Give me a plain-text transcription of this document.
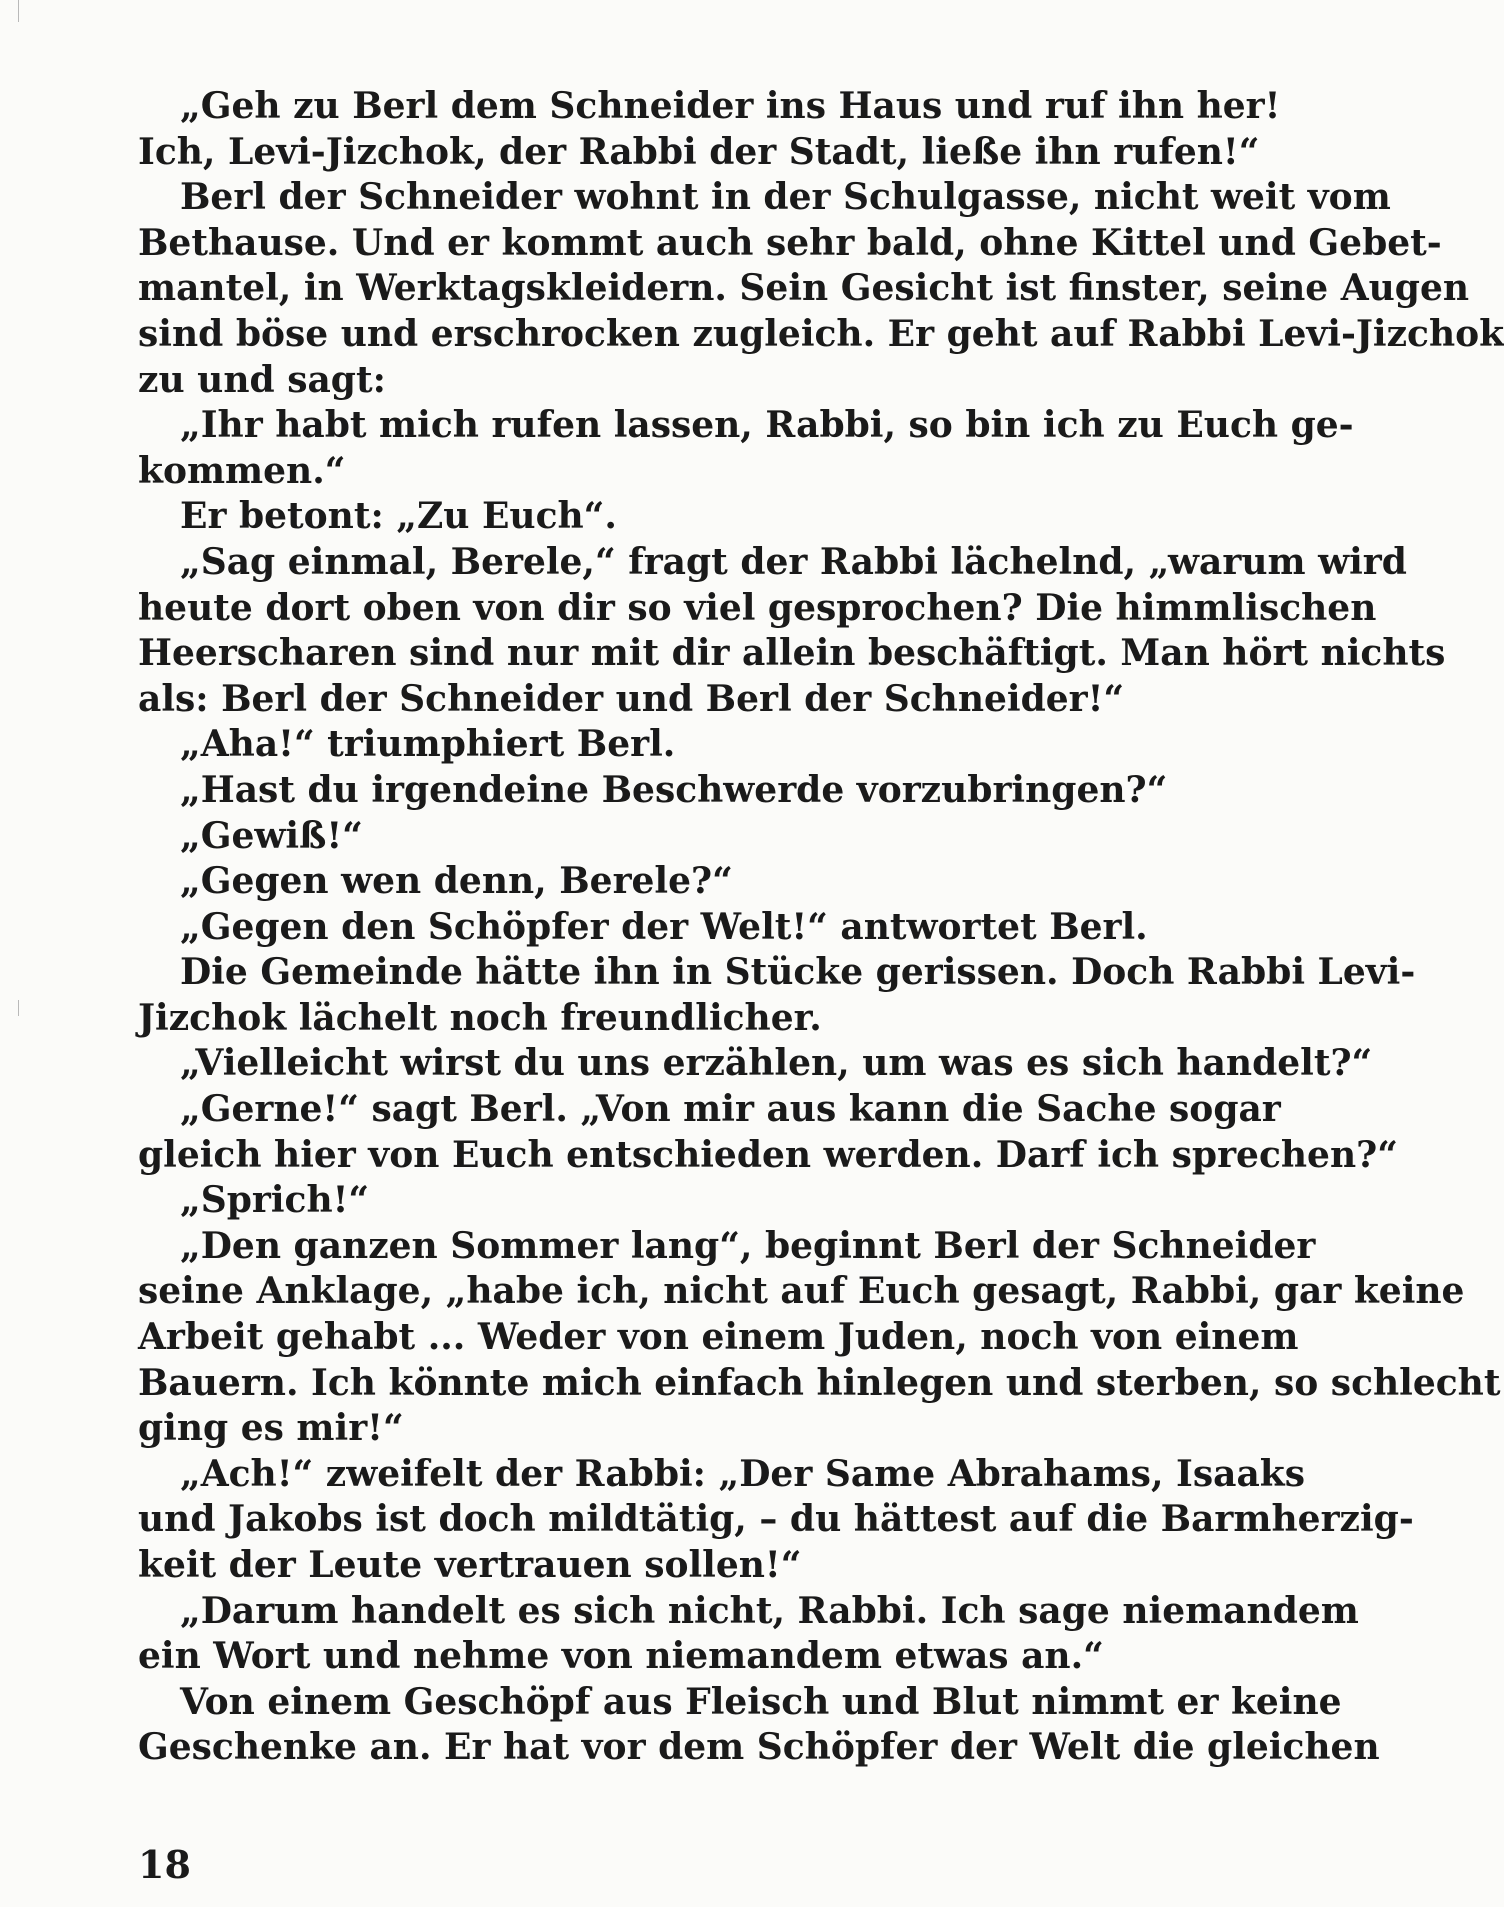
„Geh zu Berl dem Schneider ins Haus und ruf ihn her!
Ich, Levi-Jizchok, der Rabbi der Stadt, ließe ihn rufen!“
Berl der Schneider wohnt in der Schulgasse, nicht weit vom
Bethause. Und er kommt auch sehr bald, ohne Kittel und Gebet-
mantel, in Werktagskleidern. Sein Gesicht ist finster, seine Augen
sind böse und erschrocken zugleich. Er geht auf Rabbi Levi-Jizchok
zu und sagt:
„Ihr habt mich rufen lassen, Rabbi, so bin ich zu Euch ge-
kommen.“
Er betont: „Zu Euch“.
„Sag einmal, Berele,“ fragt der Rabbi lächelnd, „warum wird
heute dort oben von dir so viel gesprochen? Die himmlischen
Heerscharen sind nur mit dir allein beschäftigt. Man hört nichts
als: Berl der Schneider und Berl der Schneider!“
„Aha!“ triumphiert Berl.
„Hast du irgendeine Beschwerde vorzubringen?“
„Gewiß!“
„Gegen wen denn, Berele?“
„Gegen den Schöpfer der Welt!“ antwortet Berl.
Die Gemeinde hätte ihn in Stücke gerissen. Doch Rabbi Levi-
Jizchok lächelt noch freundlicher.
„Vielleicht wirst du uns erzählen, um was es sich handelt?“
„Gerne!“ sagt Berl. „Von mir aus kann die Sache sogar
gleich hier von Euch entschieden werden. Darf ich sprechen?“
„Sprich!“
„Den ganzen Sommer lang“, beginnt Berl der Schneider
seine Anklage, „habe ich, nicht auf Euch gesagt, Rabbi, gar keine
Arbeit gehabt ... Weder von einem Juden, noch von einem
Bauern. Ich könnte mich einfach hinlegen und sterben, so schlecht
ging es mir!“
„Ach!“ zweifelt der Rabbi: „Der Same Abrahams, Isaaks
und Jakobs ist doch mildtätig, – du hättest auf die Barmherzig-
keit der Leute vertrauen sollen!“
„Darum handelt es sich nicht, Rabbi. Ich sage niemandem
ein Wort und nehme von niemandem etwas an.“
Von einem Geschöpf aus Fleisch und Blut nimmt er keine
Geschenke an. Er hat vor dem Schöpfer der Welt die gleichen
18
